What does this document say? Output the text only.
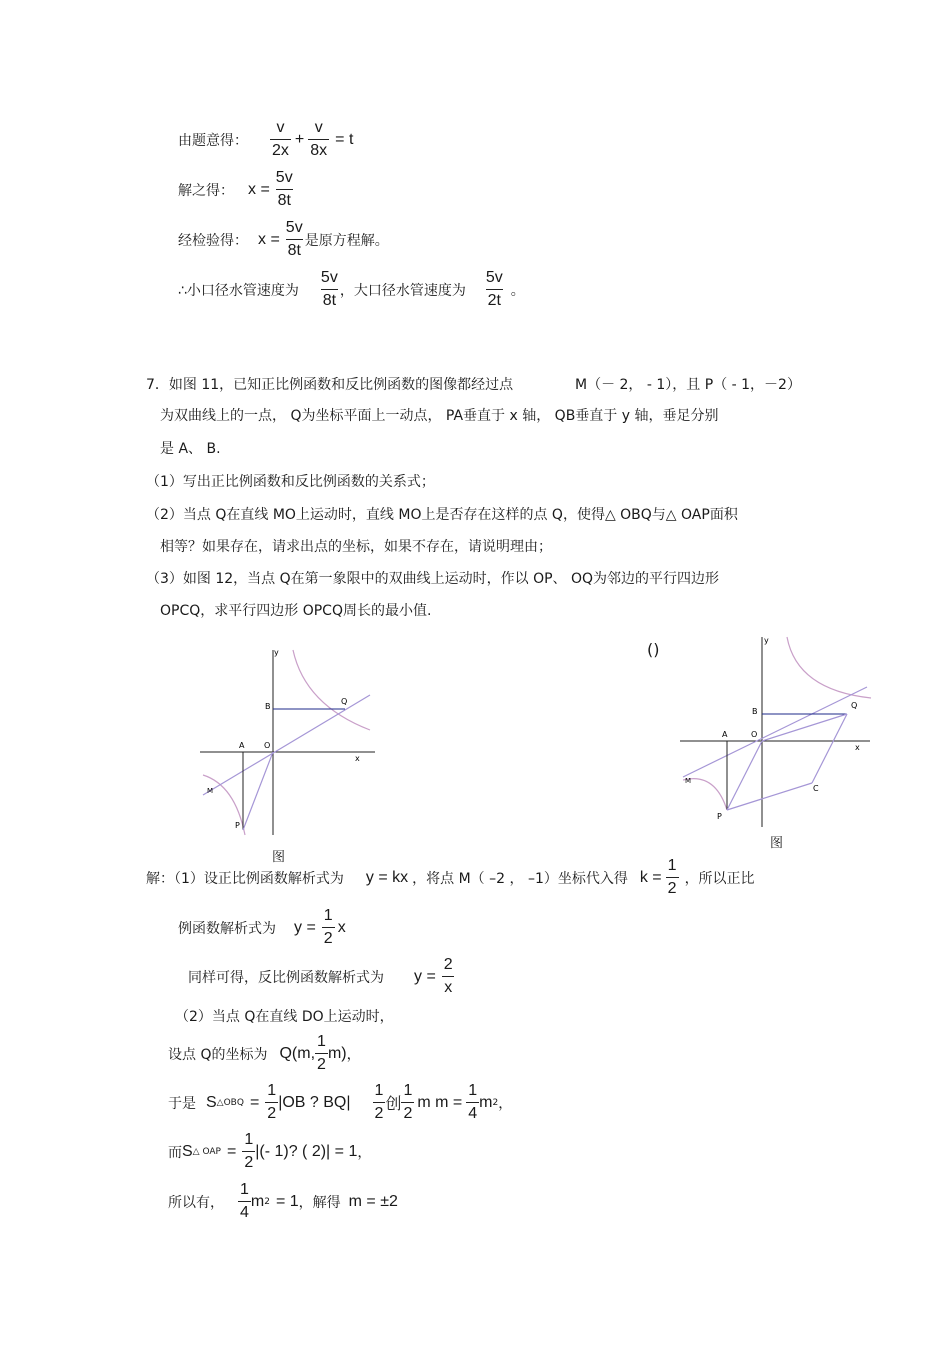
由题意得：
v
2x
+ $\frac{v}{8x} = t$
解之得： $x = \frac{5v}{8t}$
经检验得： $x = \frac{5v}{8t}$ 是原方程解。
∴小口径水管速度为
5v
8t
，大口径水管速度为
5v
2t
。
7．如图 11，已知正比例函数和反比例函数的图像都经过点	M（－ 2， - 1），且 P（ - 1，－2）
为双曲线上的一点， Q为坐标平面上一动点， PA垂直于 x 轴， QB垂直于 y 轴，垂足分别
是 A、 B.
（1）写出正比例函数和反比例函数的关系式；
（2）当点 Q在直线 MO上运动时，直线 MO上是否存在这样的点 Q，使得△ OBQ与△ OAP面积
相等？如果存在，请求出点的坐标，如果不存在，请说明理由；
（3）如图 12，当点 Q在第一象限中的双曲线上运动时，作以 OP、 OQ为邻边的平行四边形
OPCQ，求平行四边形 OPCQ周长的最小值.
y
x
B
Q
A O
M
P
图
()	y
x
B
Q
A	O
M
P
C
图
解：（1）设正比例函数解析式为 y = kx ，将点 M（ –2 ， –1）坐标代入得 $k = \frac{1}{2}$ ，所以正比
例函数解析式为 $y = \frac{1}{2}$ x
同样可得，反比例函数解析式为 $y = \frac{2}{x}$
（2）当点 Q在直线 DO上运动时，
设点 Q的坐标为 Q(m,
1
2
m) ，
于是 S △OBQ = $\frac{1}{2} |OB$ ? BQ|
1
2
创
1
2
m m =
1
4
m 2 ，
而 S △ OAP = $\frac{1}{2}$ |(- 1)? ( 2)| = 1 ，
所以有，
1
4
m 2 = 1 ，解得 m = ±2
